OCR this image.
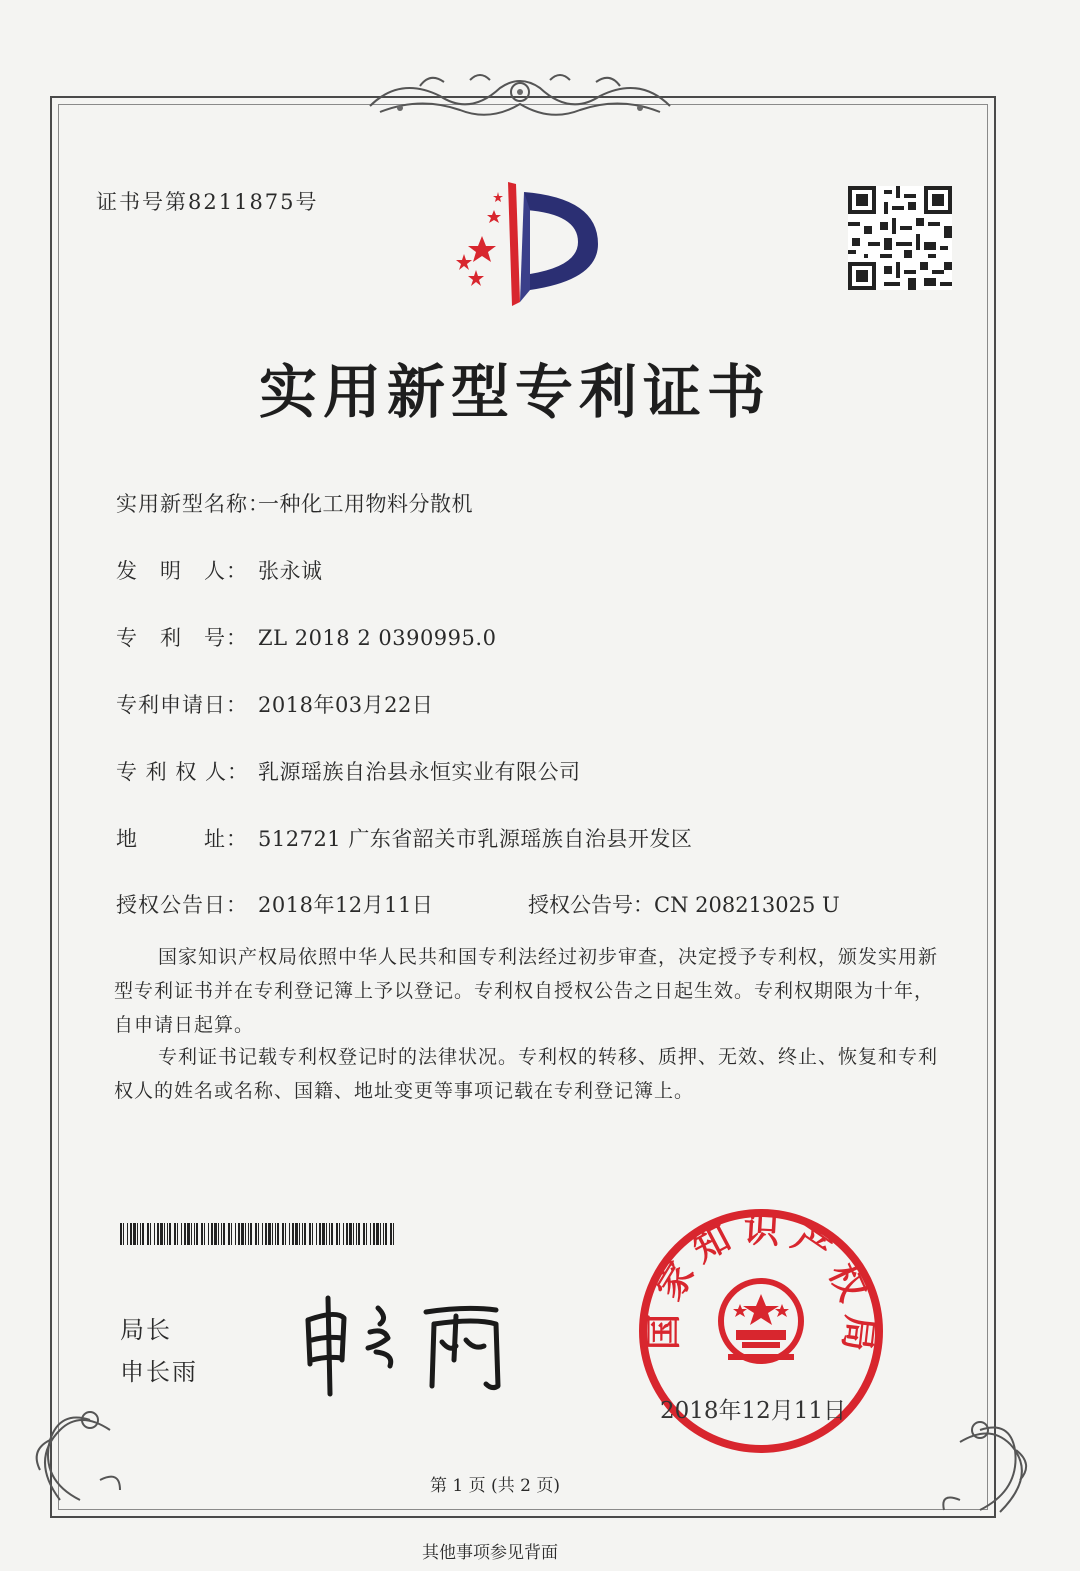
证书号第8211875号
实用新型专利证书
实用新型名称：一种化工用物料分散机
发　明　人： 张永诚
专　利　号： ZL 2018 2 0390995.0
专利申请日： 2018年03月22日
专 利 权 人： 乳源瑶族自治县永恒实业有限公司
地　　　址： 512721 广东省韶关市乳源瑶族自治县开发区
授权公告日： 2018年12月11日	授权公告号：CN 208213025 U
国家知识产权局依照中华人民共和国专利法经过初步审查，决定授予专利权，颁发实用新型专利证书并在专利登记簿上予以登记。专利权自授权公告之日起生效。专利权期限为十年，自申请日起算。
专利证书记载专利权登记时的法律状况。专利权的转移、质押、无效、终止、恢复和专利权人的姓名或名称、国籍、地址变更等事项记载在专利登记簿上。
局长
申长雨
国家知识产权局
2018年12月11日
第 1 页 (共 2 页)
其他事项参见背面
